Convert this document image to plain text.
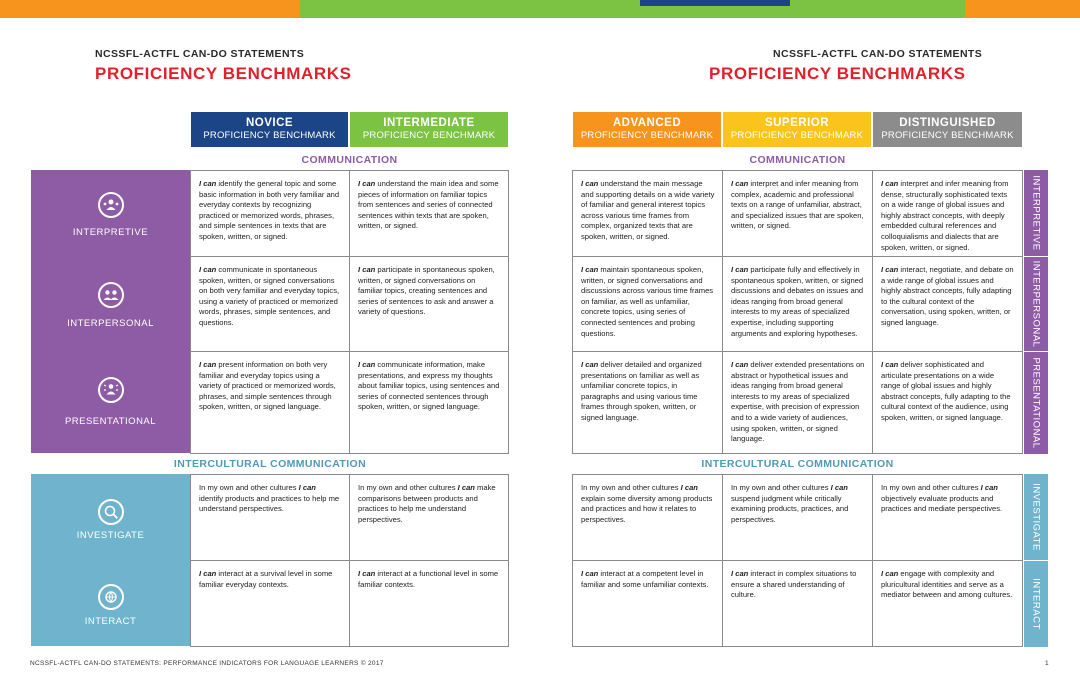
NCSSFL-ACTFL CAN-DO STATEMENTS
PROFICIENCY BENCHMARKS
NCSSFL-ACTFL CAN-DO STATEMENTS
PROFICIENCY BENCHMARKS
NOVICE
PROFICIENCY BENCHMARK
INTERMEDIATE
PROFICIENCY BENCHMARK
ADVANCED
PROFICIENCY BENCHMARK
SUPERIOR
PROFICIENCY BENCHMARK
DISTINGUISHED
PROFICIENCY BENCHMARK
COMMUNICATION
INTERCULTURAL COMMUNICATION
COMMUNICATION
INTERCULTURAL COMMUNICATION
INTERPRETIVE
INTERPERSONAL
PRESENTATIONAL
INVESTIGATE
INTERACT
I can identify the general topic and some basic information in both very familiar and everyday contexts by recognizing practiced or memorized words, phrases, and simple sentences in texts that are spoken, written, or signed.
I can understand the main idea and some pieces of information on familiar topics from sentences and series of connected sentences within texts that are spoken, written, or signed.
I can communicate in spontaneous spoken, written, or signed conversations on both very familiar and everyday topics, using a variety of practiced or memorized words, phrases, simple sentences, and questions.
I can participate in spontaneous spoken, written, or signed conversations on familiar topics, creating sentences and series of sentences to ask and answer a variety of questions.
I can present information on both very familiar and everyday topics using a variety of practiced or memorized words, phrases, and simple sentences through spoken, written, or signed language.
I can communicate information, make presentations, and express my thoughts about familiar topics, using sentences and series of connected sentences through spoken, written, or signed language.
In my own and other cultures I can identify products and practices to help me understand perspectives.
In my own and other cultures I can make comparisons between products and practices to help me understand perspectives.
I can interact at a survival level in some familiar everyday contexts.
I can interact at a functional level in some familiar contexts.
I can understand the main message and supporting details on a wide variety of familiar and general interest topics across various time frames from complex, organized texts that are spoken, written, or signed.
I can interpret and infer meaning from complex, academic and professional texts on a range of unfamiliar, abstract, and specialized issues that are spoken, written, or signed.
I can interpret and infer meaning from dense, structurally sophisticated texts on a wide range of global issues and highly abstract concepts, with deeply embedded cultural references and colloquialisms and dialects that are spoken, written, or signed.
I can maintain spontaneous spoken, written, or signed conversations and discussions across various time frames on familiar, as well as unfamiliar, concrete topics, using series of connected sentences and probing questions.
I can participate fully and effectively in spontaneous spoken, written, or signed discussions and debates on issues and ideas ranging from broad general interests to my areas of specialized expertise, including supporting arguments and exploring hypotheses.
I can interact, negotiate, and debate on a wide range of global issues and highly abstract concepts, fully adapting to the cultural context of the conversation, using spoken, written, or signed language.
I can deliver detailed and organized presentations on familiar as well as unfamiliar concrete topics, in paragraphs and using various time frames through spoken, written, or signed language.
I can deliver extended presentations on abstract or hypothetical issues and ideas ranging from broad general interests to my areas of specialized expertise, with precision of expression and to a wide variety of audiences, using spoken, written, or signed language.
I can deliver sophisticated and articulate presentations on a wide range of global issues and highly abstract concepts, fully adapting to the cultural context of the audience, using spoken, written, or signed language.
In my own and other cultures I can explain some diversity among products and practices and how it relates to perspectives.
In my own and other cultures I can suspend judgment while critically examining products, practices, and perspectives.
In my own and other cultures I can objectively evaluate products and practices and mediate perspectives.
I can interact at a competent level in familiar and some unfamiliar contexts.
I can interact in complex situations to ensure a shared understanding of culture.
I can engage with complexity and pluricultural identities and serve as a mediator between and among cultures.
INTERPRETIVE
INTERPERSONAL
PRESENTATIONAL
INVESTIGATE
INTERACT
NCSSFL-ACTFL CAN-DO STATEMENTS: PERFORMANCE INDICATORS FOR LANGUAGE LEARNERS © 2017	1
